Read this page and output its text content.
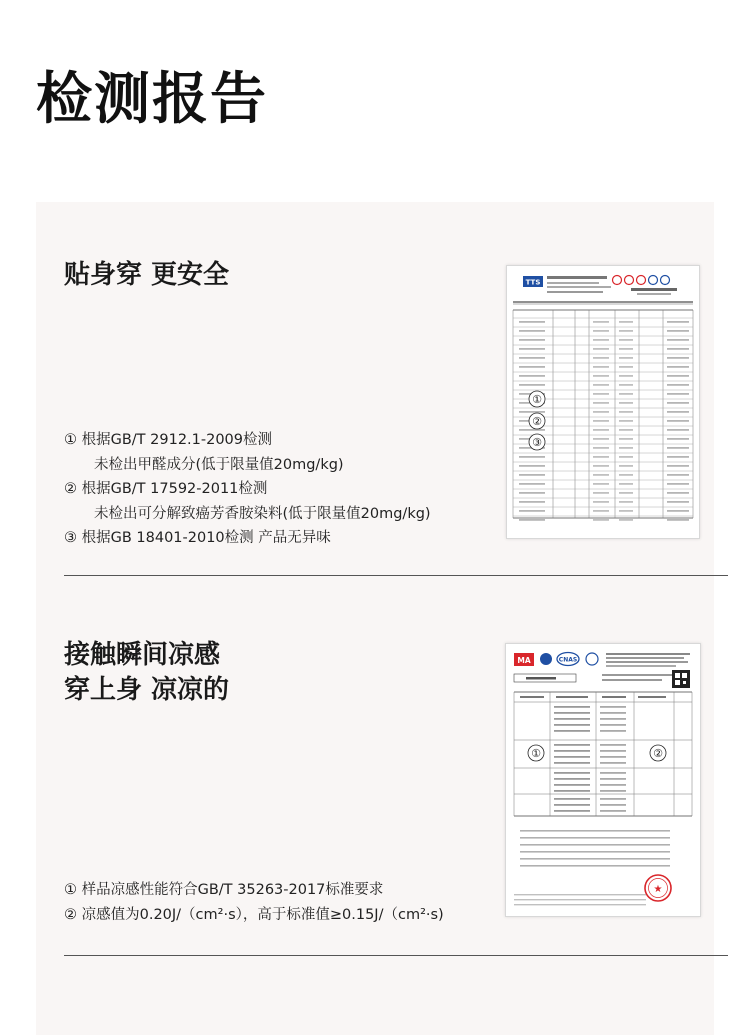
检测报告
贴身穿 更安全
① 根据GB/T 2912.1-2009检测
未检出甲醛成分(低于限量值20mg/kg)
② 根据GB/T 17592-2011检测
未检出可分解致癌芳香胺染料(低于限量值20mg/kg)
③ 根据GB 18401-2010检测 产品无异味
TTS
①
②
③
接触瞬间凉感
穿上身 凉凉的
① 样品凉感性能符合GB/T 35263-2017标准要求
② 凉感值为0.20J/（cm²·s），高于标准值≥0.15J/（cm²·s)
MA	CNAS
★
①	②
